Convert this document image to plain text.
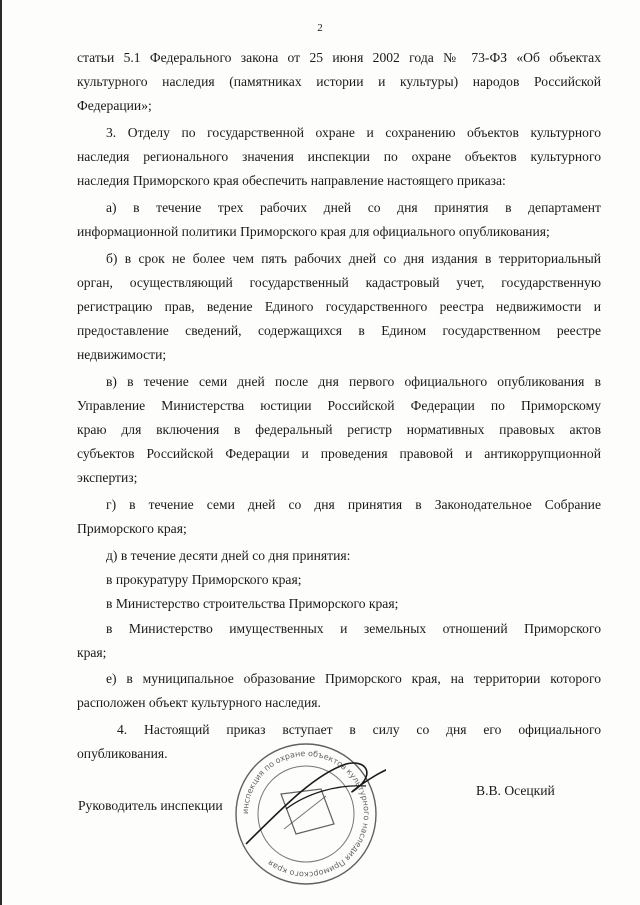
2
статьи 5.1 Федерального закона от 25 июня 2002 года № 73-ФЗ «Об объектах
культурного наследия (памятниках истории и культуры) народов Российской
Федерации»;
3. Отделу по государственной охране и сохранению объектов культурного
наследия регионального значения инспекции по охране объектов культурного
наследия Приморского края обеспечить направление настоящего приказа:
а) в течение трех рабочих дней со дня принятия в департамент
информационной политики Приморского края для официального опубликования;
б) в срок не более чем пять рабочих дней со дня издания в территориальный
орган, осуществляющий государственный кадастровый учет, государственную
регистрацию прав, ведение Единого государственного реестра недвижимости и
предоставление сведений, содержащихся в Едином государственном реестре
недвижимости;
в) в течение семи дней после дня первого официального опубликования в
Управление Министерства юстиции Российской Федерации по Приморскому
краю для включения в федеральный регистр нормативных правовых актов
субъектов Российской Федерации и проведения правовой и антикоррупционной
экспертиз;
г) в течение семи дней со дня принятия в Законодательное Собрание
Приморского края;
д) в течение десяти дней со дня принятия:
в прокуратуру Приморского края;
в Министерство строительства Приморского края;
в Министерство имущественных и земельных отношений Приморского
края;
е) в муниципальное образование Приморского края, на территории которого
расположен объект культурного наследия.
4. Настоящий приказ вступает в силу со дня его официального
опубликования.
Руководитель инспекции
В.В. Осецкий
инспекция по охране объектов культурного наследия Приморского края
